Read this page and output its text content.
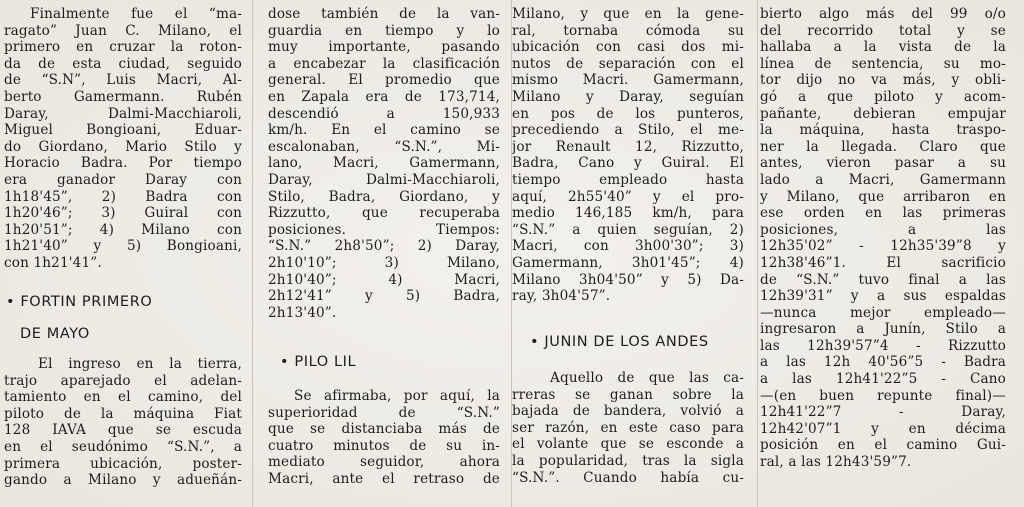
Finalmente fue el “ma-
ragato” Juan C. Milano, el
primero en cruzar la roton-
da de esta ciudad, seguido
de “S.N”, Luis Macri, Al-
berto Gamermann. Rubén
Daray, Dalmi-Macchiaroli,
Miguel Bongioani, Eduar-
do Giordano, Mario Stilo y
Horacio Badra. Por tiempo
era ganador Daray con
1h18'45”, 2) Badra con
1h20'46”; 3) Guiral con
1h20'51”; 4) Milano con
1h21'40” y 5) Bongioani,
con 1h21'41”.
• FORTIN PRIMERO
DE MAYO
El ingreso en la tierra,
trajo aparejado el adelan-
tamiento en el camino, del
piloto de la máquina Fiat
128 IAVA que se escuda
en el seudónimo “S.N.”, a
primera ubicación, poster-
gando a Milano y adueñán-
dose también de la van-
guardia en tiempo y lo
muy importante, pasando
a encabezar la clasificación
general. El promedio que
en Zapala era de 173,714,
descendió a 150,933
km/h. En el camino se
escalonaban, “S.N.”, Mi-
lano, Macri, Gamermann,
Daray, Dalmi-Macchiaroli,
Stilo, Badra, Giordano, y
Rizzutto, que recuperaba
posiciones. Tiempos:
“S.N.” 2h8'50”; 2) Daray,
2h10'10”; 3) Milano,
2h10'40”; 4) Macri,
2h12'41” y 5) Badra,
2h13'40”.
• PILO LIL
Se afirmaba, por aquí, la
superioridad de “S.N.”
que se distanciaba más de
cuatro minutos de su in-
mediato seguidor, ahora
Macri, ante el retraso de
Milano, y que en la gene-
ral, tornaba cómoda su
ubicación con casi dos mi-
nutos de separación con el
mismo Macri. Gamermann,
Milano y Daray, seguían
en pos de los punteros,
precediendo a Stilo, el me-
jor Renault 12, Rizzutto,
Badra, Cano y Guiral. El
tiempo empleado hasta
aquí, 2h55'40” y el pro-
medio 146,185 km/h, para
“S.N.” a quien seguían, 2)
Macri, con 3h00'30”; 3)
Gamermann, 3h01'45”; 4)
Milano 3h04'50” y 5) Da-
ray, 3h04'57”.
• JUNIN DE LOS ANDES
Aquello de que las ca-
rreras se ganan sobre la
bajada de bandera, volvió a
ser razón, en este caso para
el volante que se esconde a
la popularidad, tras la sigla
“S.N.”. Cuando había cu-
bierto algo más del 99 o/o
del recorrido total y se
hallaba a la vista de la
línea de sentencia, su mo-
tor dijo no va más, y obli-
gó a que piloto y acom-
pañante, debieran empujar
la máquina, hasta traspo-
ner la llegada. Claro que
antes, vieron pasar a su
lado a Macri, Gamermann
y Milano, que arribaron en
ese orden en las primeras
posiciones, a las
12h35'02” - 12h35'39”8 y
12h38'46”1. El sacrificio
de “S.N.” tuvo final a las
12h39'31” y a sus espaldas
—nunca mejor empleado—
ingresaron a Junín, Stilo a
las 12h39'57”4 - Rizzutto
a las 12h 40'56”5 - Badra
a las 12h41'22”5 - Cano
—(en buen repunte final)—
12h41'22”7 - Daray,
12h42'07”1 y en décima
posición en el camino Gui-
ral, a las 12h43'59”7.
